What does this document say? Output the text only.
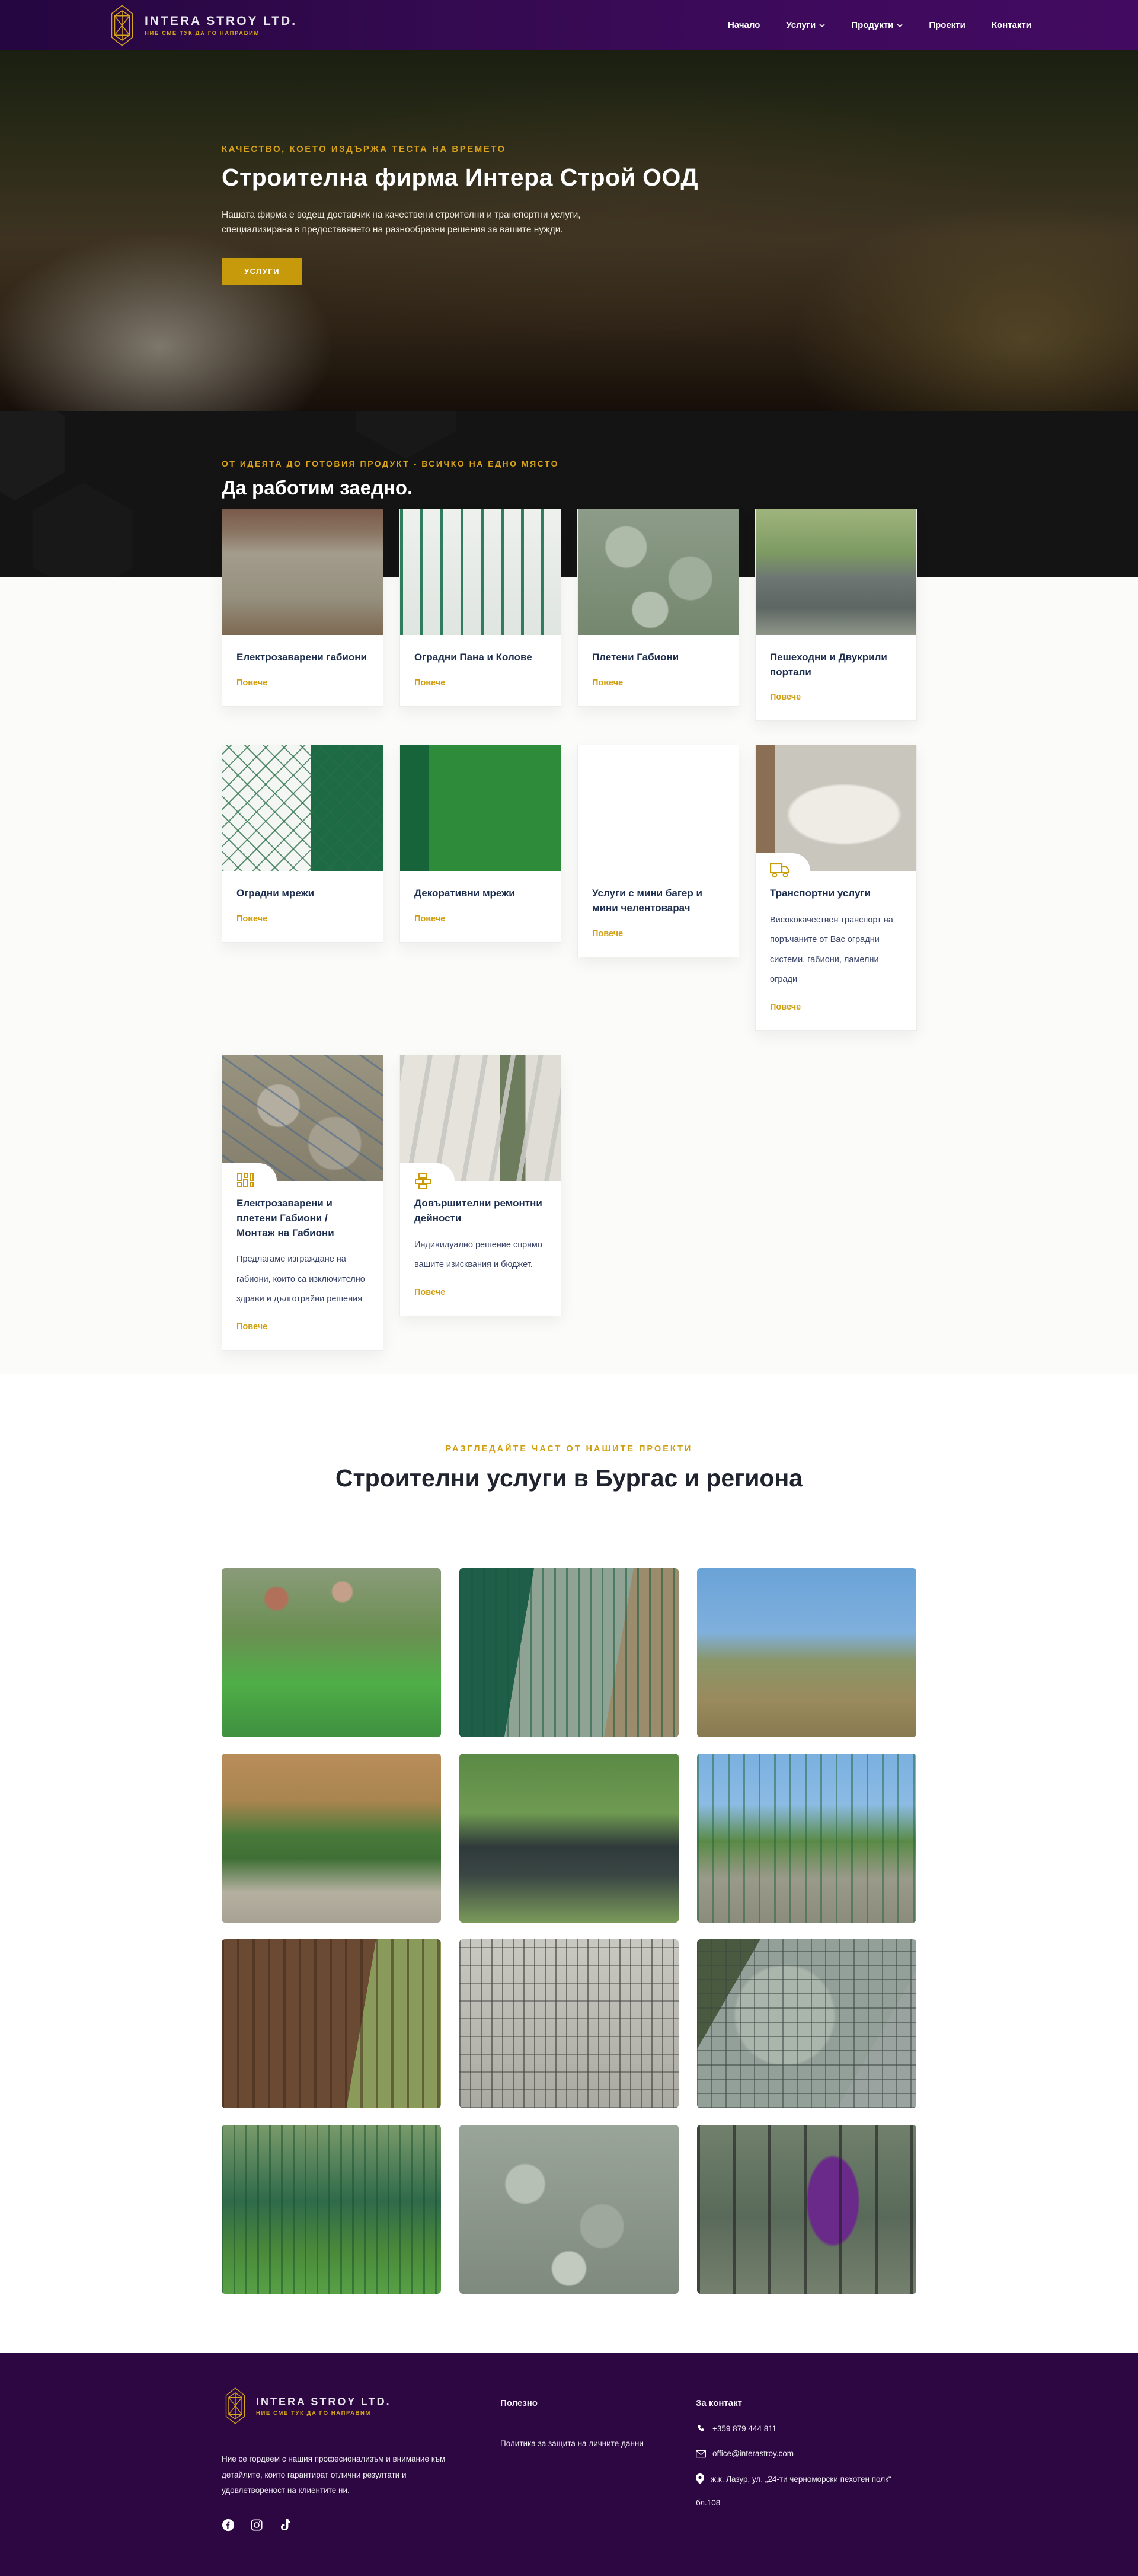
INTERA STROY LTD.
НИЕ СМЕ ТУК ДА ГО НАПРАВИМ
Начало	Услуги	Продукти	Проекти	Контакти
КАЧЕСТВО, КОЕТО ИЗДЪРЖА ТЕСТА НА ВРЕМЕТО
Строителна фирма Интера Строй ООД

Нашата фирма е водещ доставчик на качествени строителни и транспортни услуги, специализирана в предоставянето на разнообразни решения за вашите нужди.

УСЛУГИ
ОТ ИДЕЯТА ДО ГОТОВИЯ ПРОДУКТ - ВСИЧКО НА ЕДНО МЯСТО
Да работим заедно.
Електрозаварени габиони
Повече
Оградни Пана и Колове
Повече
Плетени Габиони
Повече
Пешеходни и Двукрили портали
Повече
Оградни мрежи
Повече
Декоративни мрежи
Повече
Услуги с мини багер и мини челентоварач
Повече
Транспортни услуги

Висококачествен транспорт на поръчаните от Вас оградни системи, габиони, ламелни огради

Повече
Електрозаварени и плетени Габиони / Монтаж на Габиони

Предлагаме изграждане на габиони, които са изключително здрави и дълготрайни решения

Повече
Довършителни ремонтни дейности

Индивидуално решение спрямо вашите изисквания и бюджет.

Повече
РАЗГЛЕДАЙТЕ ЧАСТ ОТ НАШИТЕ ПРОЕКТИ
Строителни услуги в Бургас и региона
INTERA STROY LTD.
НИЕ СМЕ ТУК ДА ГО НАПРАВИМ

Ние се гордеем с нашия професионализъм и внимание към детайлите, които гарантират отлични резултати и удовлетвореност на клиентите ни.

Полезно
Политика за защита на личните данни
За контакт
+359 879 444 811
office@interastroy.com
ж.к. Лазур, ул. „24-ти черноморски пехотен полк“
бл.108
